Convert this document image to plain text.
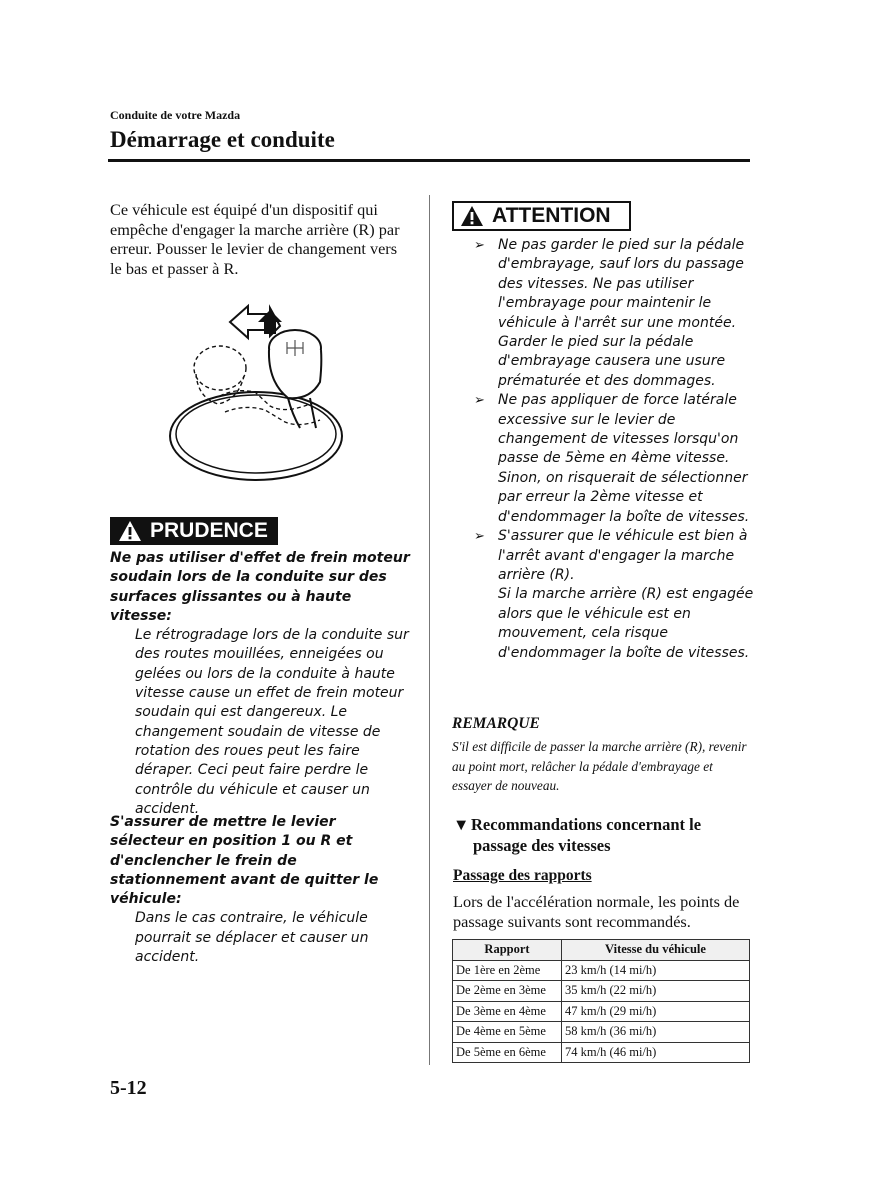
Conduite de votre Mazda
Démarrage et conduite

Ce véhicule est équipé d'un dispositif qui empêche d'engager la marche arrière (R) par erreur. Pousser le levier de changement vers le bas et passer à R.

PRUDENCE
Ne pas utiliser d'effet de frein moteur soudain lors de la conduite sur des surfaces glissantes ou à haute vitesse:
Le rétrogradage lors de la conduite sur des routes mouillées, enneigées ou gelées ou lors de la conduite à haute vitesse cause un effet de frein moteur soudain qui est dangereux. Le changement soudain de vitesse de rotation des roues peut les faire déraper. Ceci peut faire perdre le contrôle du véhicule et causer un accident.
S'assurer de mettre le levier sélecteur en position 1 ou R et d'enclencher le frein de stationnement avant de quitter le véhicule:
Dans le cas contraire, le véhicule pourrait se déplacer et causer un accident.
ATTENTION
➢ Ne pas garder le pied sur la pédale d'embrayage, sauf lors du passage des vitesses. Ne pas utiliser l'embrayage pour maintenir le véhicule à l'arrêt sur une montée. Garder le pied sur la pédale d'embrayage causera une usure prématurée et des dommages.
➢ Ne pas appliquer de force latérale excessive sur le levier de changement de vitesses lorsqu'on passe de 5ème en 4ème vitesse. Sinon, on risquerait de sélectionner par erreur la 2ème vitesse et d'endommager la boîte de vitesses.
➢ S'assurer que le véhicule est bien à l'arrêt avant d'engager la marche arrière (R).
Si la marche arrière (R) est engagée alors que le véhicule est en mouvement, cela risque d'endommager la boîte de vitesses.
REMARQUE
S'il est difficile de passer la marche arrière (R), revenir au point mort, relâcher la pédale d'embrayage et essayer de nouveau.
▼ Recommandations concernant le
passage des vitesses
Passage des rapports
Lors de l'accélération normale, les points de passage suivants sont recommandés.
Rapport	Vitesse du véhicule
De 1ère en 2ème	23 km/h (14 mi/h)
De 2ème en 3ème	35 km/h (22 mi/h)
De 3ème en 4ème	47 km/h (29 mi/h)
De 4ème en 5ème	58 km/h (36 mi/h)
De 5ème en 6ème	74 km/h (46 mi/h)
5-12
